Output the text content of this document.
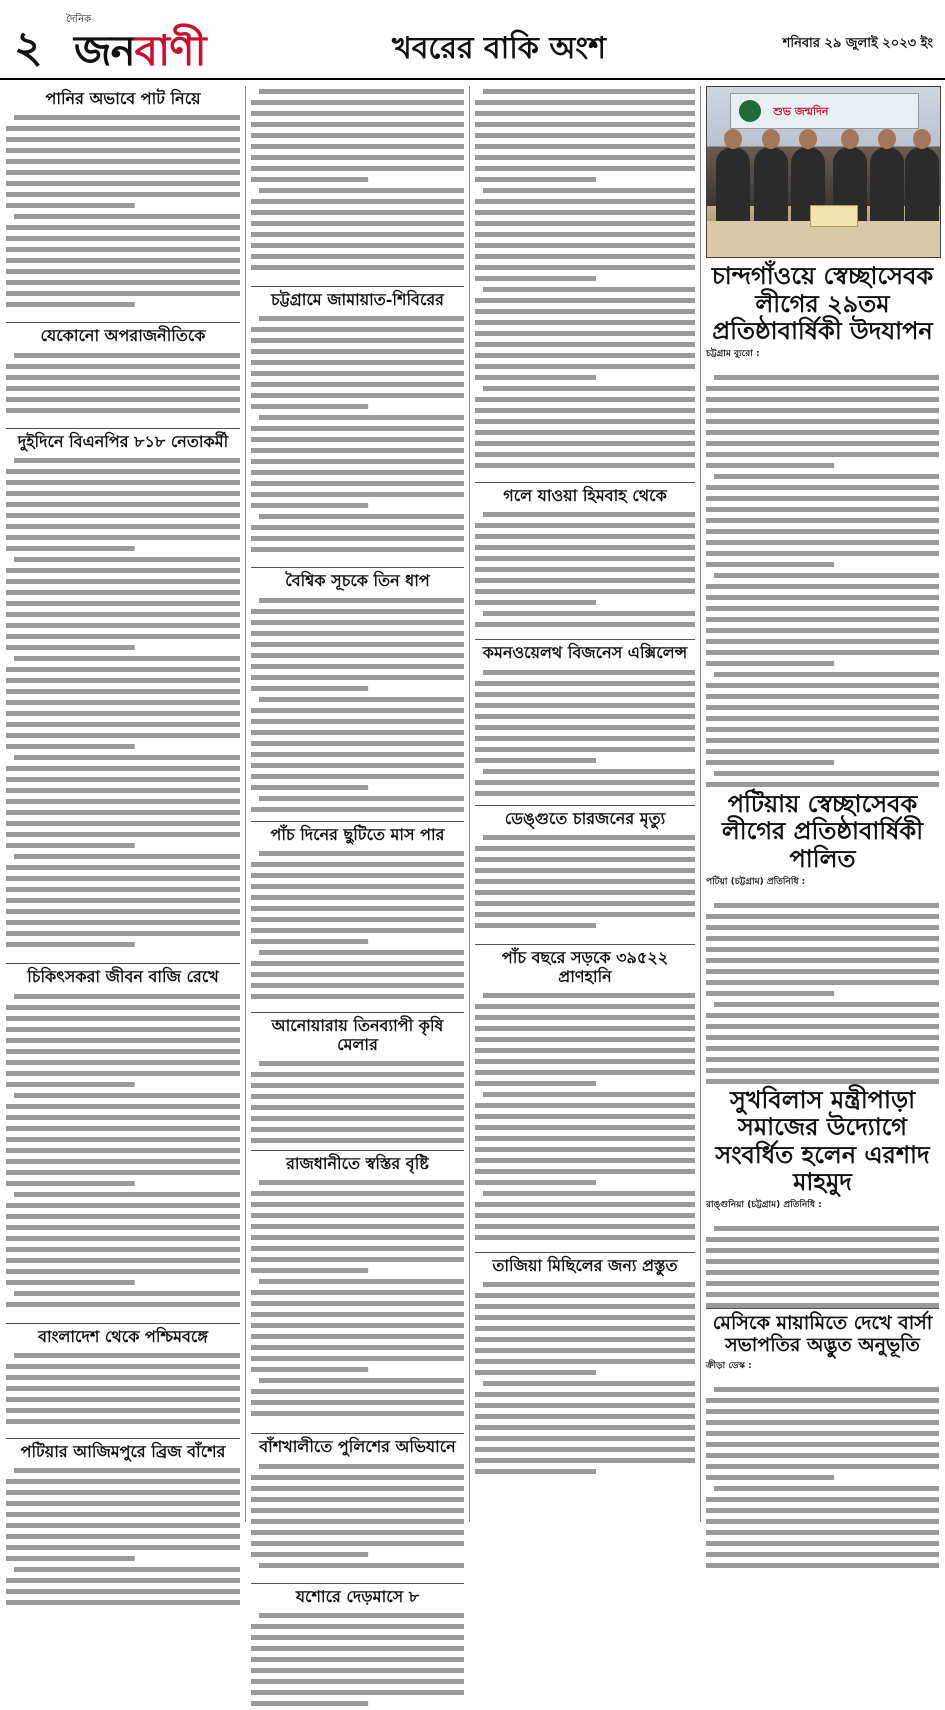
২
দৈনিক
জনবাণী	খবরের বাকি অংশ	শনিবার ২৯ জুলাই ২০২৩ ইং
পানির অভাবে পাট নিয়ে
যেকোনো অপরাজনীতিকে
দুইদিনে বিএনপির ৮১৮ নেতাকর্মী
চিকিৎসকরা জীবন বাজি রেখে
বাংলাদেশ থেকে পশ্চিমবঙ্গে
পটিয়ার আজিমপুরে ব্রিজ বাঁশের
চট্টগ্রামে জামায়াত-শিবিরের
বৈশ্বিক সূচকে তিন ধাপ
পাঁচ দিনের ছুটিতে মাস পার
আনোয়ারায় তিনব্যাপী কৃষি মেলার
রাজধানীতে স্বস্তির বৃষ্টি
বাঁশখালীতে পুলিশের অভিযানে
যশোরে দেড়মাসে ৮
গলে যাওয়া হিমবাহ থেকে
কমনওয়েলথ বিজনেস এক্সিলেন্স
ডেঙ্গুতে চারজনের মৃত্যু
পাঁচ বছরে সড়কে ৩৯৫২২ প্রাণহানি
তাজিয়া মিছিলের জন্য প্রস্তুত
শুভ জন্মদিন
চান্দগাঁওয়ে স্বেচ্ছাসেবক লীগের ২৯তম প্রতিষ্ঠাবার্ষিকী উদযাপন
চট্টগ্রাম ব্যুরো :
পটিয়ায় স্বেচ্ছাসেবক লীগের প্রতিষ্ঠাবার্ষিকী পালিত
পটিয়া (চট্টগ্রাম) প্রতিনিধি :
সুখবিলাস মন্ত্রীপাড়া সমাজের উদ্যোগে সংবর্ধিত হলেন এরশাদ মাহমুদ
রাঙ্গুনিয়া (চট্টগ্রাম) প্রতিনিধি :
মেসিকে মায়ামিতে দেখে বার্সা সভাপতির অদ্ভুত অনুভূতি
ক্রীড়া ডেস্ক :
